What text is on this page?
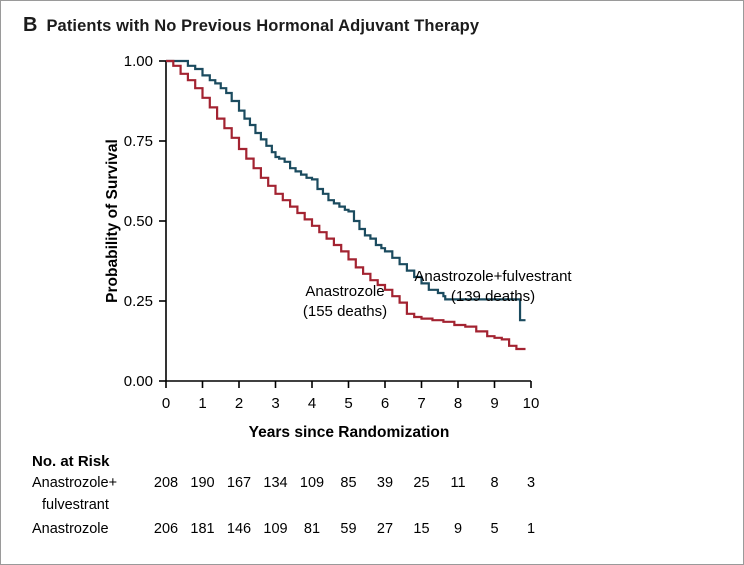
B Patients with No Previous Hormonal Adjuvant Therapy
1.00
0.75
0.50
0.25
0.00
0 1 2 3 4 5 6 7 8 9 10
Years since Randomization
Probability of Survival	Anastrozole+fulvestrant
(139 deaths)
Anastrozole
(155 deaths)
No. at Risk
Anastrozole+	208 190 167 134 109	85	39	25	11	8	3
fulvestrant
Anastrozole	206 181 146 109	81	59	27	15	9	5	1
